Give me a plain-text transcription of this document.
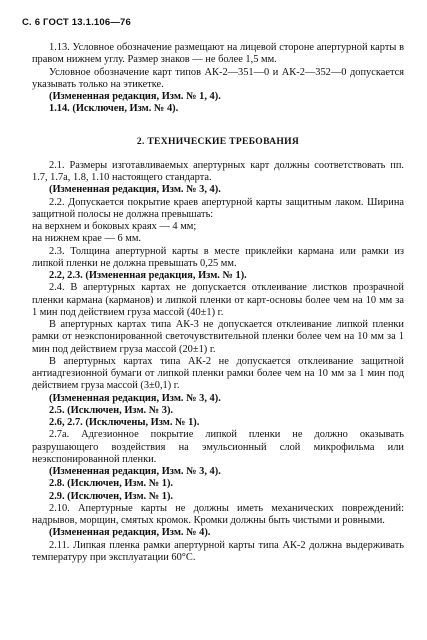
С. 6 ГОСТ 13.1.106—76

1.13. Условное обозначение размещают на лицевой стороне апертурной карты в правом нижнем углу. Размер знаков — не более 1,5 мм.

Условное обозначение карт типов АК-2—351—0 и АК-2—352—0 допускается указывать только на этикетке.

(Измененная редакция, Изм. № 1, 4).

1.14. (Исключен, Изм. № 4).

2. ТЕХНИЧЕСКИЕ ТРЕБОВАНИЯ

2.1. Размеры изготавливаемых апертурных карт должны соответствовать пп. 1.7, 1.7а, 1.8, 1.10 настоящего стандарта.

(Измененная редакция, Изм. № 3, 4).

2.2. Допускается покрытие краев апертурной карты защитным лаком. Ширина защитной полосы не должна превышать:

на верхнем и боковых краях — 4 мм;

на нижнем крае — 6 мм.

2.3. Толщина апертурной карты в месте приклейки кармана или рамки из липкой пленки не должна превышать 0,25 мм.

2.2, 2.3. (Измененная редакция, Изм. № 1).

2.4. В апертурных картах не допускается отклеивание листков прозрачной пленки кармана (карманов) и липкой пленки от карт-основы более чем на 10 мм за 1 мин под действием груза массой (40±1) г.

В апертурных картах типа АК-3 не допускается отклеивание липкой пленки рамки от неэкспонированной светочувствительной пленки более чем на 10 мм за 1 мин под действием груза массой (20±1) г.

В апертурных картах типа АК-2 не допускается отклеивание защитной антиадгезионной бумаги от липкой пленки рамки более чем на 10 мм за 1 мин под действием груза массой (3±0,1) г.

(Измененная редакция, Изм. № 3, 4).

2.5. (Исключен, Изм. № 3).

2.6, 2.7. (Исключены, Изм. № 1).

2.7а. Адгезионное покрытие липкой пленки не должно оказывать разрушающего воздействия на эмульсионный слой микрофильма или неэкспонированной пленки.

(Измененная редакция, Изм. № 3, 4).

2.8. (Исключен, Изм. № 1).

2.9. (Исключен, Изм. № 1).

2.10. Апертурные карты не должны иметь механических повреждений: надрывов, морщин, смятых кромок. Кромки должны быть чистыми и ровными.

(Измененная редакция, Изм. № 4).

2.11. Липкая пленка рамки апертурной карты типа АК-2 должна выдерживать температуру при эксплуатации 60°С.
